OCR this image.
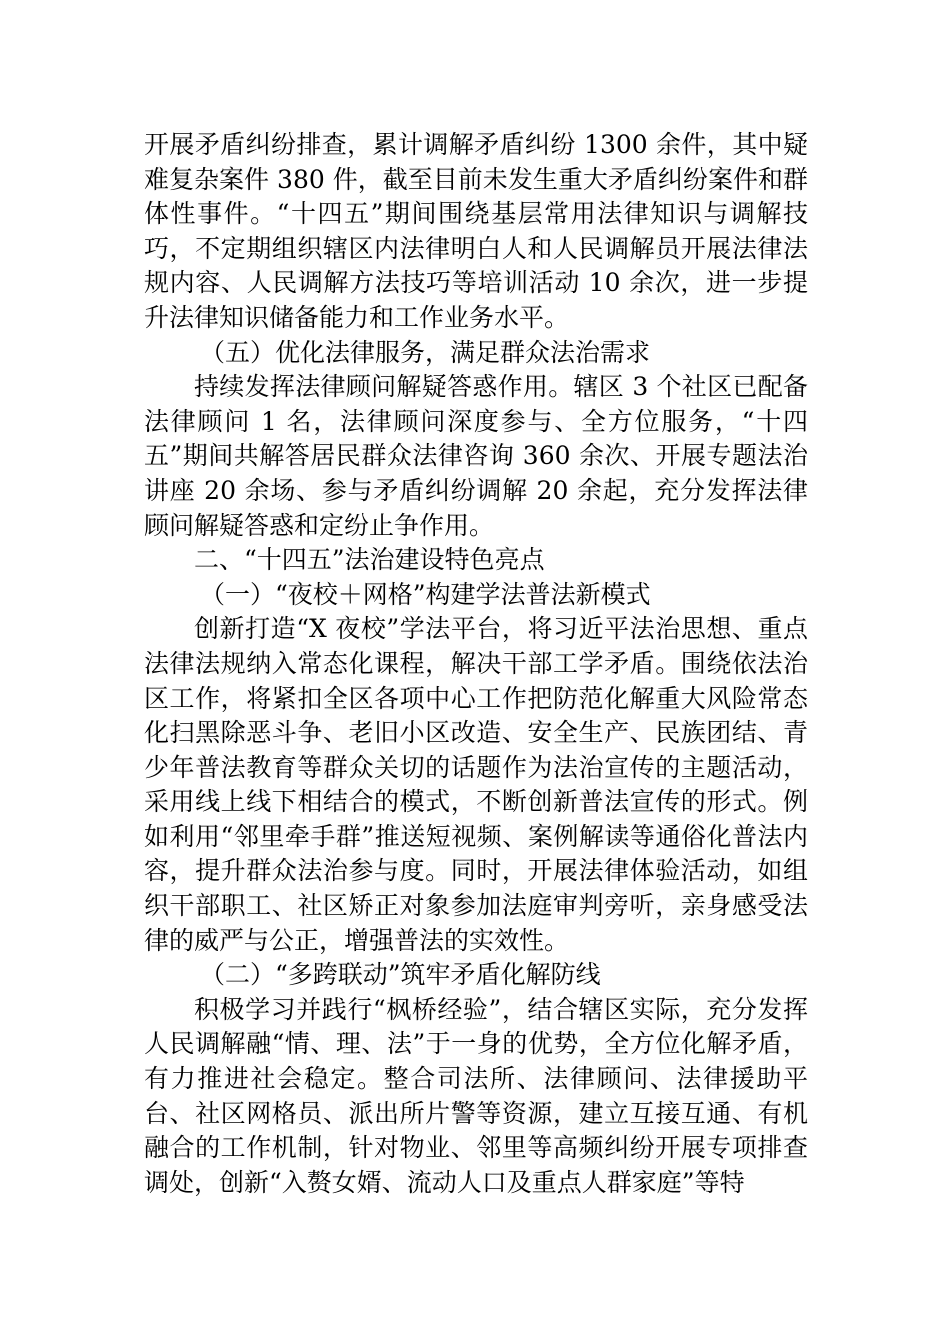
开展矛盾纠纷排查，累计调解矛盾纠纷 1300 余件，其中疑难复杂案件 380 件，截至目前未发生重大矛盾纠纷案件和群体性事件。“十四五”期间围绕基层常用法律知识与调解技巧，不定期组织辖区内法律明白人和人民调解员开展法律法规内容、人民调解方法技巧等培训活动 10 余次，进一步提升法律知识储备能力和工作业务水平。

（五）优化法律服务，满足群众法治需求

持续发挥法律顾问解疑答惑作用。辖区 3 个社区已配备法律顾问 1 名，法律顾问深度参与、全方位服务，“十四五”期间共解答居民群众法律咨询 360 余次、开展专题法治讲座 20 余场、参与矛盾纠纷调解 20 余起，充分发挥法律顾问解疑答惑和定纷止争作用。

二、“十四五”法治建设特色亮点

（一）“夜校＋网格”构建学法普法新模式

创新打造“X 夜校”学法平台，将习近平法治思想、重点法律法规纳入常态化课程，解决干部工学矛盾。围绕依法治区工作，将紧扣全区各项中心工作把防范化解重大风险常态化扫黑除恶斗争、老旧小区改造、安全生产、民族团结、青少年普法教育等群众关切的话题作为法治宣传的主题活动，采用线上线下相结合的模式，不断创新普法宣传的形式。例如利用“邻里牵手群”推送短视频、案例解读等通俗化普法内容，提升群众法治参与度。同时，开展法律体验活动，如组织干部职工、社区矫正对象参加法庭审判旁听，亲身感受法律的威严与公正，增强普法的实效性。

（二）“多跨联动”筑牢矛盾化解防线

积极学习并践行“枫桥经验”，结合辖区实际，充分发挥人民调解融“情、理、法”于一身的优势，全方位化解矛盾，有力推进社会稳定。整合司法所、法律顾问、法律援助平台、社区网格员、派出所片警等资源，建立互接互通、有机融合的工作机制，针对物业、邻里等高频纠纷开展专项排查调处，创新“入赘女婿、流动人口及重点人群家庭”等特
